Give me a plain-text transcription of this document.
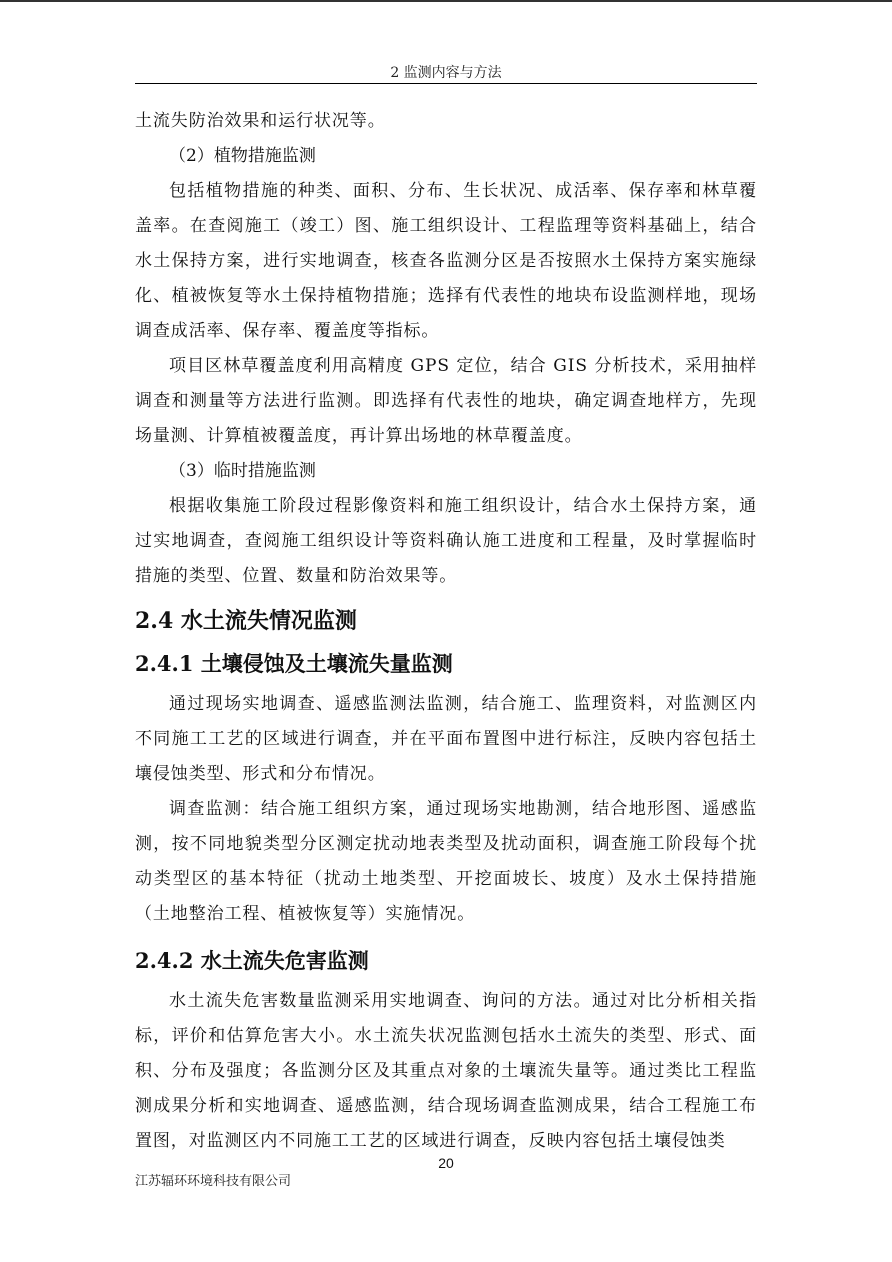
2 监测内容与方法

土流失防治效果和运行状况等。

（2）植物措施监测

包括植物措施的种类、面积、分布、生长状况、成活率、保存率和林草覆盖率。在查阅施工（竣工）图、施工组织设计、工程监理等资料基础上，结合水土保持方案，进行实地调查，核查各监测分区是否按照水土保持方案实施绿化、植被恢复等水土保持植物措施；选择有代表性的地块布设监测样地，现场调查成活率、保存率、覆盖度等指标。

项目区林草覆盖度利用高精度 GPS 定位，结合 GIS 分析技术，采用抽样调查和测量等方法进行监测。即选择有代表性的地块，确定调查地样方，先现场量测、计算植被覆盖度，再计算出场地的林草覆盖度。

（3）临时措施监测

根据收集施工阶段过程影像资料和施工组织设计，结合水土保持方案，通过实地调查，查阅施工组织设计等资料确认施工进度和工程量，及时掌握临时措施的类型、位置、数量和防治效果等。

2.4 水土流失情况监测
2.4.1 土壤侵蚀及土壤流失量监测

通过现场实地调查、遥感监测法监测，结合施工、监理资料，对监测区内不同施工工艺的区域进行调查，并在平面布置图中进行标注，反映内容包括土壤侵蚀类型、形式和分布情况。

调查监测：结合施工组织方案，通过现场实地勘测，结合地形图、遥感监测，按不同地貌类型分区测定扰动地表类型及扰动面积，调查施工阶段每个扰动类型区的基本特征（扰动土地类型、开挖面坡长、坡度）及水土保持措施（土地整治工程、植被恢复等）实施情况。

2.4.2 水土流失危害监测

水土流失危害数量监测采用实地调查、询问的方法。通过对比分析相关指标，评价和估算危害大小。水土流失状况监测包括水土流失的类型、形式、面积、分布及强度；各监测分区及其重点对象的土壤流失量等。通过类比工程监测成果分析和实地调查、遥感监测，结合现场调查监测成果，结合工程施工布置图，对监测区内不同施工工艺的区域进行调查，反映内容包括土壤侵蚀类

20
江苏辐环环境科技有限公司
